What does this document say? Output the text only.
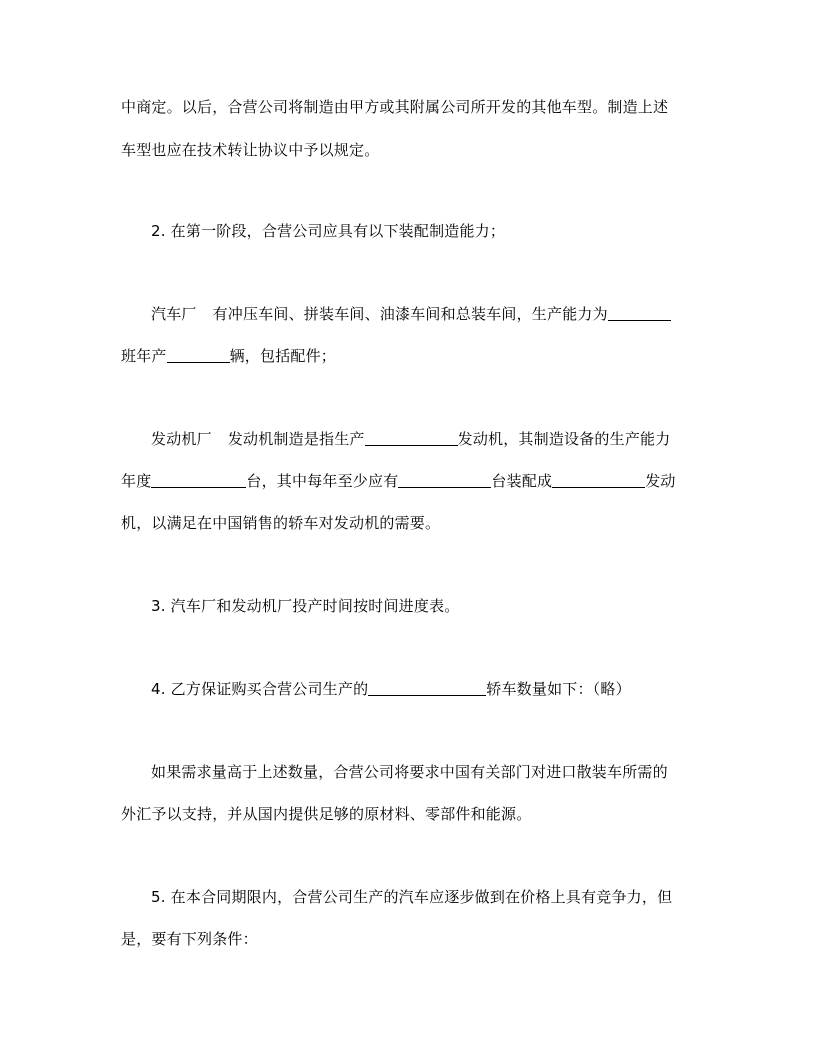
中商定。以后，合营公司将制造由甲方或其附属公司所开发的其他车型。制造上述
车型也应在技术转让协议中予以规定。
2. 在第一阶段，合营公司应具有以下装配制造能力；
汽车厂 有冲压车间、拼装车间、油漆车间和总装车间，生产能力为
班年产	辆，包括配件；
发动机厂 发动机制造是指生产	发动机，其制造设备的生产能力
年度	台，其中每年至少应有	台装配成	发动
机，以满足在中国销售的轿车对发动机的需要。
3. 汽车厂和发动机厂投产时间按时间进度表。
4. 乙方保证购买合营公司生产的	轿车数量如下：（略）
如果需求量高于上述数量，合营公司将要求中国有关部门对进口散装车所需的
外汇予以支持，并从国内提供足够的原材料、零部件和能源。
5. 在本合同期限内，合营公司生产的汽车应逐步做到在价格上具有竞争力，但
是，要有下列条件：
